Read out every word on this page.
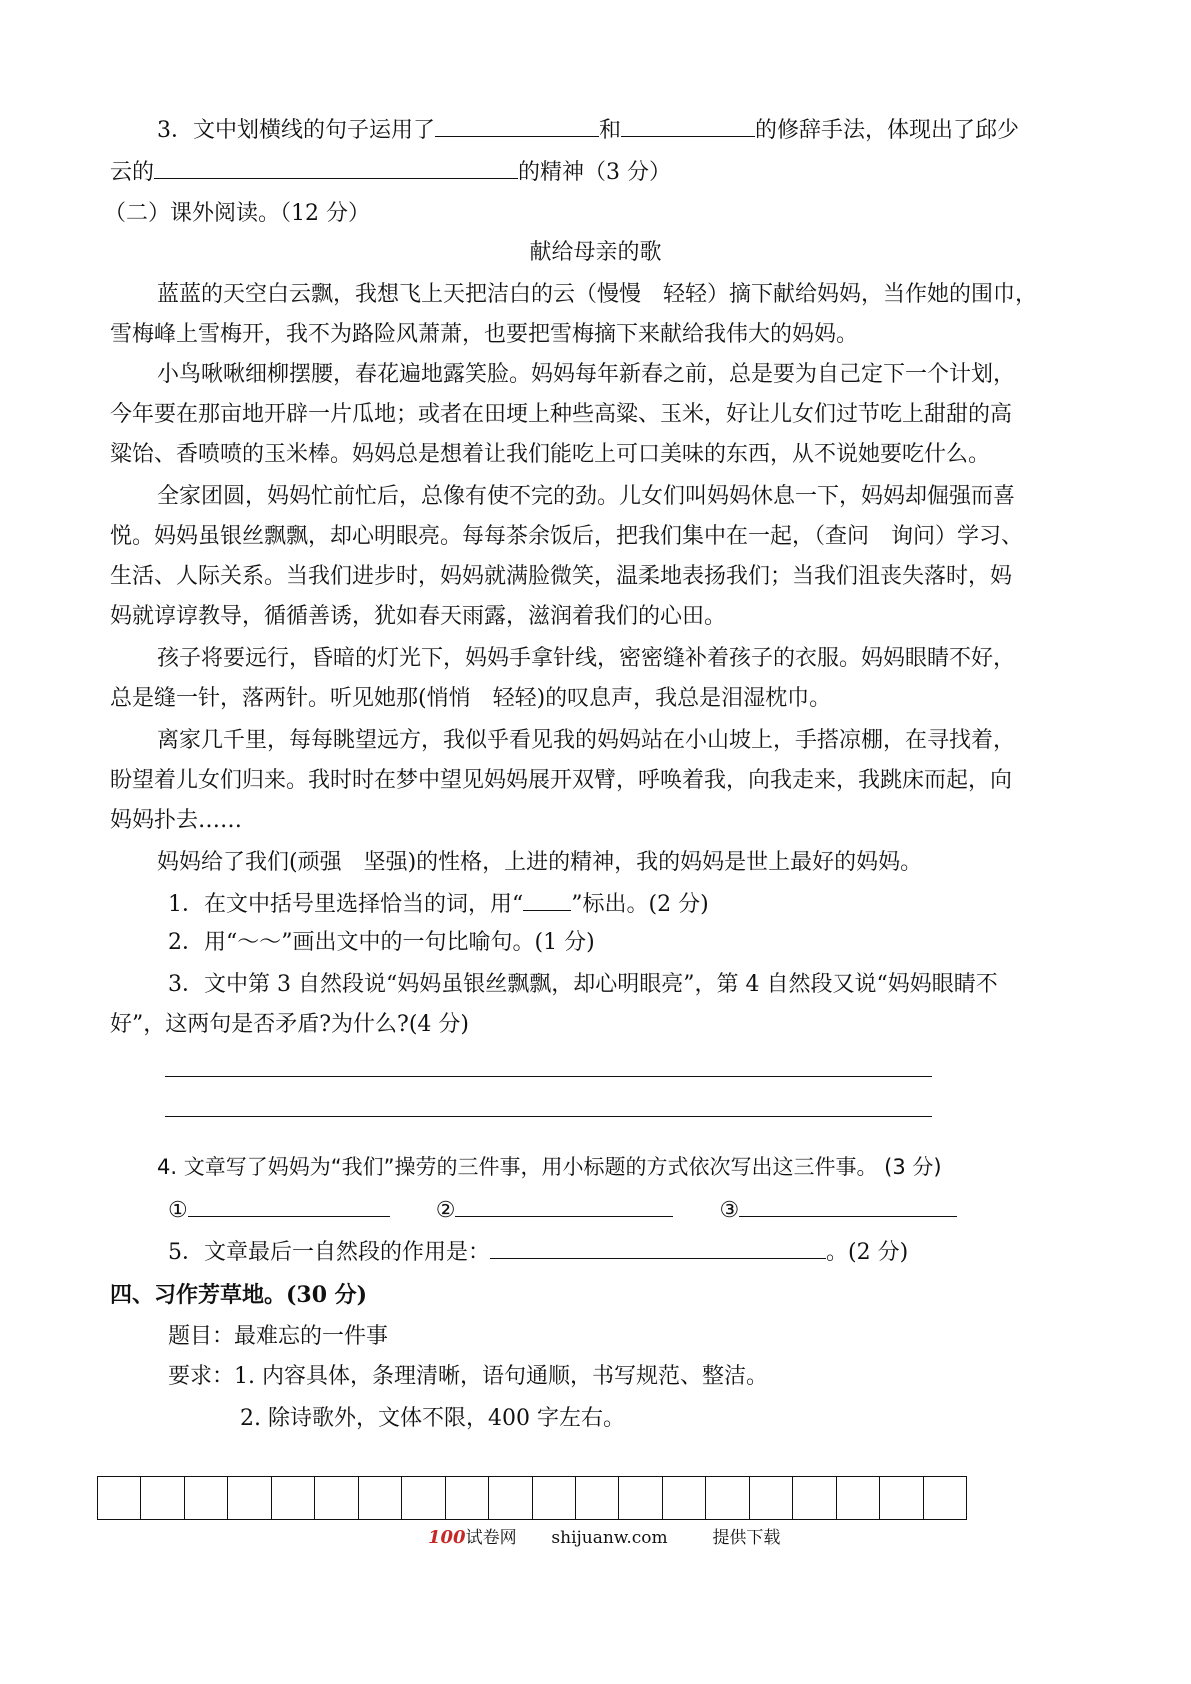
3．文中划横线的句子运用了	和	的修辞手法，体现出了邱少
云的	的精神（3 分）
（二）课外阅读。（12 分）
献给母亲的歌
蓝蓝的天空白云飘，我想飞上天把洁白的云（慢慢　轻轻）摘下献给妈妈，当作她的围巾，
雪梅峰上雪梅开，我不为路险风萧萧，也要把雪梅摘下来献给我伟大的妈妈。
小鸟啾啾细柳摆腰，春花遍地露笑脸。妈妈每年新春之前，总是要为自己定下一个计划，
今年要在那亩地开辟一片瓜地；或者在田埂上种些高粱、玉米，好让儿女们过节吃上甜甜的高
粱饴、香喷喷的玉米棒。妈妈总是想着让我们能吃上可口美味的东西，从不说她要吃什么。
全家团圆，妈妈忙前忙后，总像有使不完的劲。儿女们叫妈妈休息一下，妈妈却倔强而喜
悦。妈妈虽银丝飘飘，却心明眼亮。每每茶余饭后，把我们集中在一起，（查问　询问）学习、
生活、人际关系。当我们进步时，妈妈就满脸微笑，温柔地表扬我们；当我们沮丧失落时，妈
妈就谆谆教导，循循善诱，犹如春天雨露，滋润着我们的心田。
孩子将要远行，昏暗的灯光下，妈妈手拿针线，密密缝补着孩子的衣服。妈妈眼睛不好，
总是缝一针，落两针。听见她那(悄悄　轻轻)的叹息声，我总是泪湿枕巾。
离家几千里，每每眺望远方，我似乎看见我的妈妈站在小山坡上，手搭凉棚，在寻找着，
盼望着儿女们归来。我时时在梦中望见妈妈展开双臂，呼唤着我，向我走来，我跳床而起，向
妈妈扑去……
妈妈给了我们(顽强　坚强)的性格，上进的精神，我的妈妈是世上最好的妈妈。
1．在文中括号里选择恰当的词，用“ ”标出。(2 分)
2．用“～～”画出文中的一句比喻句。(1 分)
3．文中第 3 自然段说“妈妈虽银丝飘飘，却心明眼亮”，第 4 自然段又说“妈妈眼睛不
好”，这两句是否矛盾?为什么?(4 分)
4. 文章写了妈妈为“我们”操劳的三件事，用小标题的方式依次写出这三件事。 (3 分)
①	②	③
5．文章最后一自然段的作用是：	。(2 分)
四、习作芳草地。(30 分)
题目：最难忘的一件事
要求：1. 内容具体，条理清晰，语句通顺，书写规范、整洁。
2. 除诗歌外，文体不限，400 字左右。
100试卷网 shijuanw.com	提供下载
